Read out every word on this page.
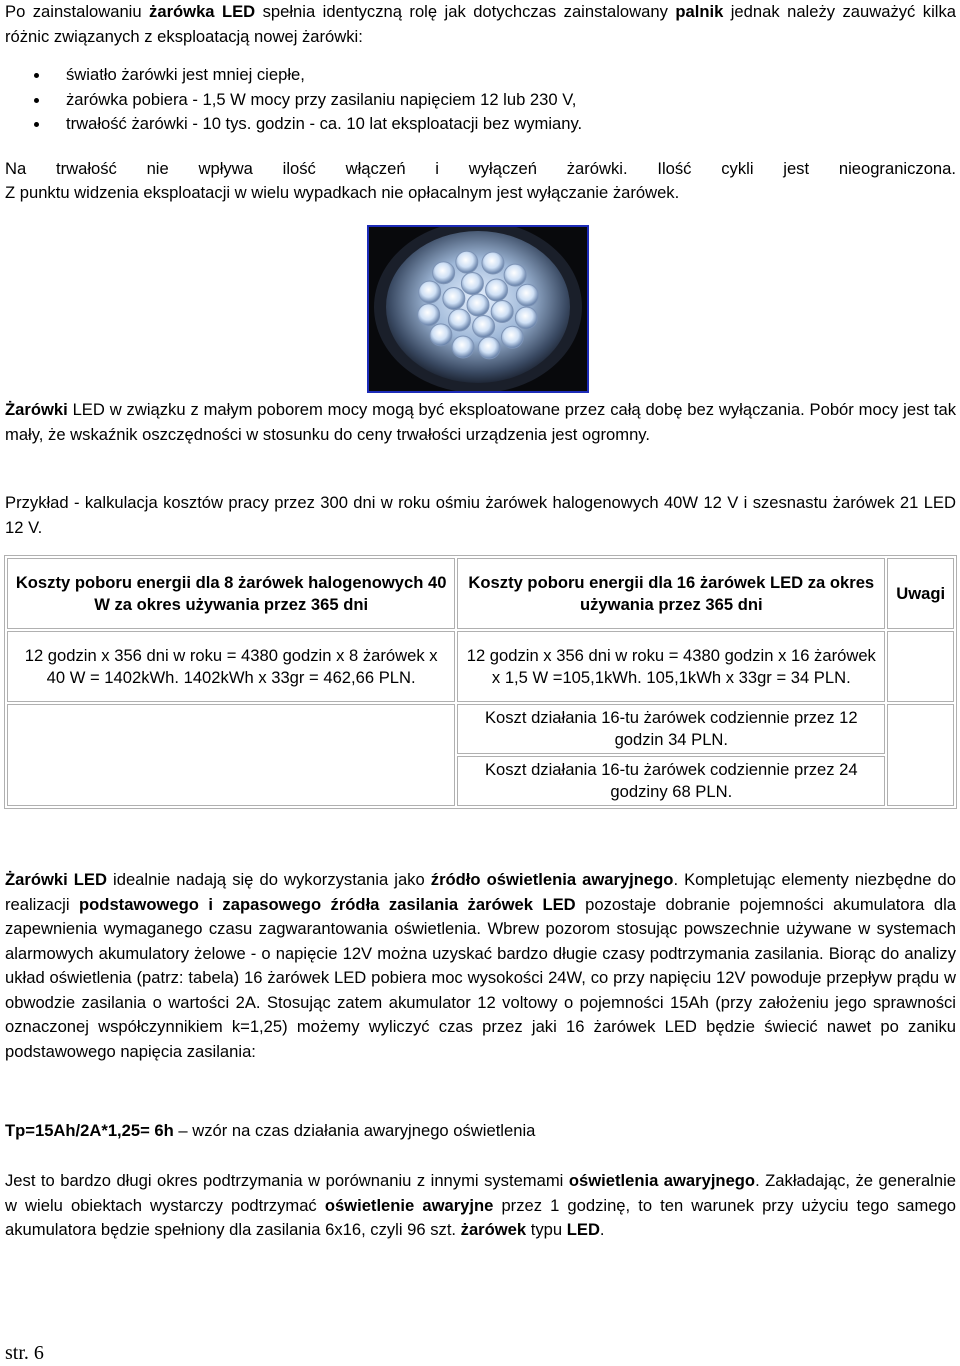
Po zainstalowaniu żarówka LED spełnia identyczną rolę jak dotychczas zainstalowany palnik jednak należy zauważyć kilka różnic związanych z eksploatacją nowej żarówki:

światło żarówki jest mniej ciepłe,
żarówka pobiera - 1,5 W mocy przy zasilaniu napięciem 12 lub 230 V,
trwałość żarówki - 10 tys. godzin - ca. 10 lat eksploatacji bez wymiany.

Na trwałość nie wpływa ilość włączeń i wyłączeń żarówki. Ilość cykli jest nieograniczona.

Z punktu widzenia eksploatacji w wielu wypadkach nie opłacalnym jest wyłączanie żarówek.

Żarówki LED w związku z małym poborem mocy mogą być eksploatowane przez całą dobę bez wyłączania. Pobór mocy jest tak mały, że wskaźnik oszczędności w stosunku do ceny trwałości urządzenia jest ogromny.

Przykład - kalkulacja kosztów pracy przez 300 dni w roku ośmiu żarówek halogenowych 40W 12 V i szesnastu żarówek 21 LED 12 V.

Koszty poboru energii dla 8 żarówek halogenowych 40 W za okres używania przez 365 dni	Koszty poboru energii dla 16 żarówek LED za okres używania przez 365 dni	Uwagi
12 godzin x 356 dni w roku = 4380 godzin x 8 żarówek x 40 W = 1402kWh. 1402kWh x 33gr = 462,66 PLN.	12 godzin x 356 dni w roku = 4380 godzin x 16 żarówek x 1,5 W =105,1kWh. 105,1kWh x 33gr = 34 PLN.	
	Koszt działania 16-tu żarówek codziennie przez 12 godzin 34 PLN.	
	Koszt działania 16-tu żarówek codziennie przez 24 godziny 68 PLN.	

Żarówki LED idealnie nadają się do wykorzystania jako źródło oświetlenia awaryjnego. Kompletując elementy niezbędne do realizacji podstawowego i zapasowego źródła zasilania żarówek LED pozostaje dobranie pojemności akumulatora dla zapewnienia wymaganego czasu zagwarantowania oświetlenia. Wbrew pozorom stosując powszechnie używane w systemach alarmowych akumulatory żelowe - o napięcie 12V można uzyskać bardzo długie czasy podtrzymania zasilania. Biorąc do analizy układ oświetlenia (patrz: tabela) 16 żarówek LED pobiera moc wysokości 24W, co przy napięciu 12V powoduje przepływ prądu w obwodzie zasilania o wartości 2A. Stosując zatem akumulator 12 voltowy o pojemności 15Ah (przy założeniu jego sprawności oznaczonej współczynnikiem k=1,25) możemy wyliczyć czas przez jaki 16 żarówek LED będzie świecić nawet po zaniku podstawowego napięcia zasilania:

Tp=15Ah/2A*1,25= 6h – wzór na czas działania awaryjnego oświetlenia

Jest to bardzo długi okres podtrzymania w porównaniu z innymi systemami oświetlenia awaryjnego. Zakładając, że generalnie w wielu obiektach wystarczy podtrzymać oświetlenie awaryjne przez 1 godzinę, to ten warunek przy użyciu tego samego akumulatora będzie spełniony dla zasilania 6x16, czyli 96 szt. żarówek typu LED.

str. 6
